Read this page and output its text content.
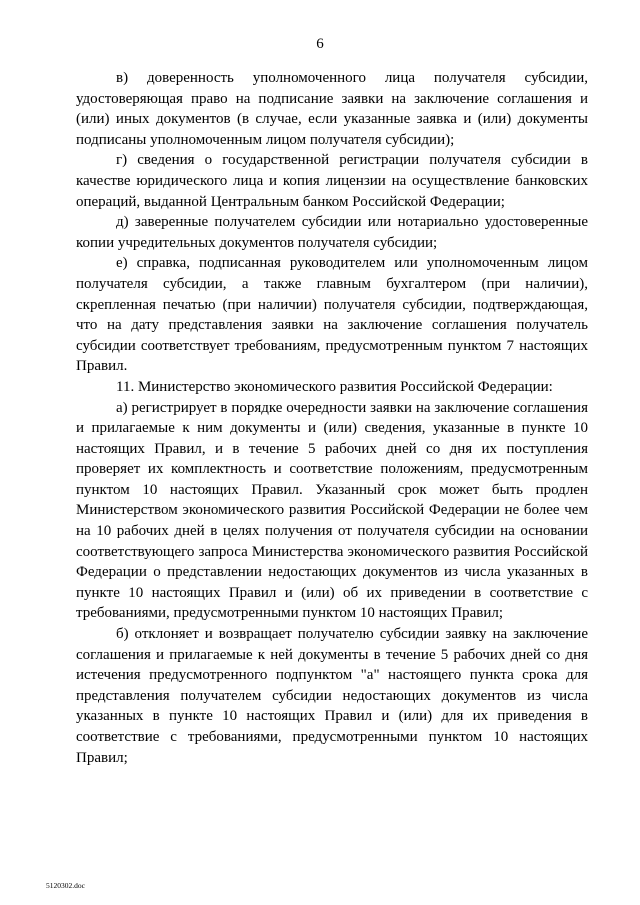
6

в) доверенность уполномоченного лица получателя субсидии, удостоверяющая право на подписание заявки на заключение соглашения и (или) иных документов (в случае, если указанные заявка и (или) документы подписаны уполномоченным лицом получателя субсидии);

г) сведения о государственной регистрации получателя субсидии в качестве юридического лица и копия лицензии на осуществление банковских операций, выданной Центральным банком Российской Федерации;

д) заверенные получателем субсидии или нотариально удостоверенные копии учредительных документов получателя субсидии;

е) справка, подписанная руководителем или уполномоченным лицом получателя субсидии, а также главным бухгалтером (при наличии), скрепленная печатью (при наличии) получателя субсидии, подтверждающая, что на дату представления заявки на заключение соглашения получатель субсидии соответствует требованиям, предусмотренным пунктом 7 настоящих Правил.

11. Министерство экономического развития Российской Федерации:

а) регистрирует в порядке очередности заявки на заключение соглашения и прилагаемые к ним документы и (или) сведения, указанные в пункте 10 настоящих Правил, и в течение 5 рабочих дней со дня их поступления проверяет их комплектность и соответствие положениям, предусмотренным пунктом 10 настоящих Правил. Указанный срок может быть продлен Министерством экономического развития Российской Федерации не более чем на 10 рабочих дней в целях получения от получателя субсидии на основании соответствующего запроса Министерства экономического развития Российской Федерации о представлении недостающих документов из числа указанных в пункте 10 настоящих Правил и (или) об их приведении в соответствие с требованиями, предусмотренными пунктом 10 настоящих Правил;

б) отклоняет и возвращает получателю субсидии заявку на заключение соглашения и прилагаемые к ней документы в течение 5 рабочих дней со дня истечения предусмотренного подпунктом "а" настоящего пункта срока для представления получателем субсидии недостающих документов из числа указанных в пункте 10 настоящих Правил и (или) для их приведения в соответствие с требованиями, предусмотренными пунктом 10 настоящих Правил;

5120302.doc
